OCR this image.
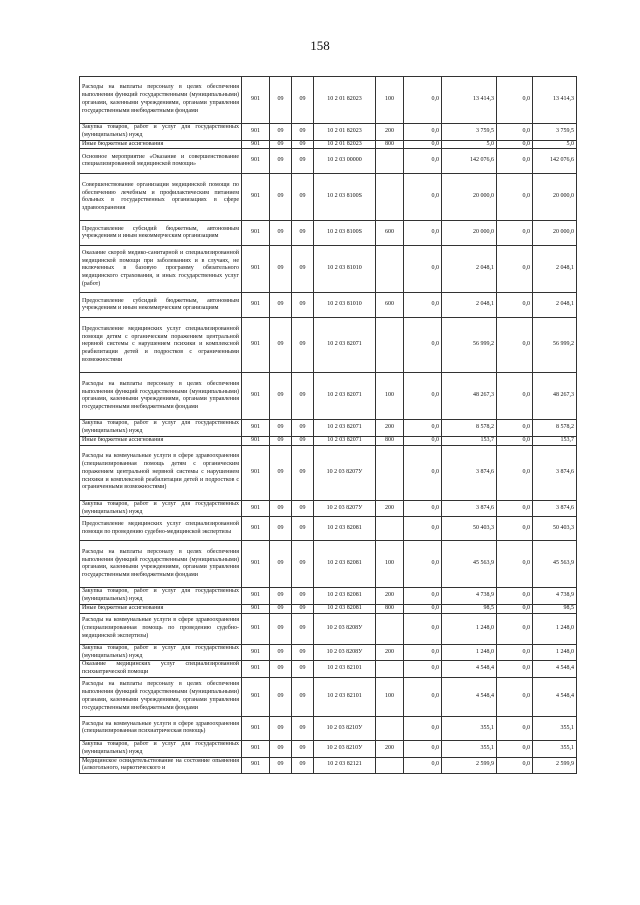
158
Расходы на выплаты персоналу в целях обеспечения выполнения функций государственными (муниципальными) органами, казенными учреждениями, органами управления государственными внебюджетными фондами	901	09	09	10 2 01 82023	100	0,0	13 414,3	0,0	13 414,3
Закупка товаров, работ и услуг для государственных (муниципальных) нужд	901	09	09	10 2 01 82023	200	0,0	3 759,5	0,0	3 759,5
Иные бюджетные ассигнования	901	09	09	10 2 01 82023	800	0,0	5,0	0,0	5,0
Основное мероприятие «Оказание и совершенствование специализированной медицинской помощи»	901	09	09	10 2 03 00000		0,0	142 076,6	0,0	142 076,6
Совершенствование организации медицинской помощи по обеспечению лечебным и профилактическим питанием больных в государственных организациях в сфере здравоохранения	901	09	09	10 2 03 8100S		0,0	20 000,0	0,0	20 000,0
Предоставление субсидий бюджетным, автономным учреждениям и иным некоммерческим организациям	901	09	09	10 2 03 8100S	600	0,0	20 000,0	0,0	20 000,0
Оказание скорой медико-санитарной и специализированной медицинской помощи при заболеваниях и в случаях, не включенных в базовую программу обязательного медицинского страхования, и иных государственных услуг (работ)	901	09	09	10 2 03 81010		0,0	2 048,1	0,0	2 048,1
Предоставление субсидий бюджетным, автономным учреждениям и иным некоммерческим организациям	901	09	09	10 2 03 81010	600	0,0	2 048,1	0,0	2 048,1
Предоставление медицинских услуг специализированной помощи детям с органическим поражением центральной нервной системы с нарушением психики и комплексной реабилитации детей и подростков с ограниченными возможностями	901	09	09	10 2 03 82071		0,0	56 999,2	0,0	56 999,2
Расходы на выплаты персоналу в целях обеспечения выполнения функций государственными (муниципальными) органами, казенными учреждениями, органами управления государственными внебюджетными фондами	901	09	09	10 2 03 82071	100	0,0	48 267,3	0,0	48 267,3
Закупка товаров, работ и услуг для государственных (муниципальных) нужд	901	09	09	10 2 03 82071	200	0,0	8 578,2	0,0	8 578,2
Иные бюджетные ассигнования	901	09	09	10 2 03 82071	800	0,0	153,7	0,0	153,7
Расходы на коммунальные услуги в сфере здравоохранения (специализированная помощь детям с органическим поражением центральной нервной системы с нарушением психики и комплексной реабилитации детей и подростков с ограниченными возможностями)	901	09	09	10 2 03 8207У		0,0	3 874,6	0,0	3 874,6
Закупка товаров, работ и услуг для государственных (муниципальных) нужд	901	09	09	10 2 03 8207У	200	0,0	3 874,6	0,0	3 874,6
Предоставление медицинских услуг специализированной помощи по проведению судебно-медицинской экспертизы	901	09	09	10 2 03 82081		0,0	50 403,3	0,0	50 403,3
Расходы на выплаты персоналу в целях обеспечения выполнения функций государственными (муниципальными) органами, казенными учреждениями, органами управления государственными внебюджетными фондами	901	09	09	10 2 03 82081	100	0,0	45 563,9	0,0	45 563,9
Закупка товаров, работ и услуг для государственных (муниципальных) нужд	901	09	09	10 2 03 82081	200	0,0	4 738,9	0,0	4 738,9
Иные бюджетные ассигнования	901	09	09	10 2 03 82081	800	0,0	98,5	0,0	98,5
Расходы на коммунальные услуги в сфере здравоохранения (специализированная помощь по проведению судебно-медицинской экспертизы)	901	09	09	10 2 03 8208У		0,0	1 248,0	0,0	1 248,0
Закупка товаров, работ и услуг для государственных (муниципальных) нужд	901	09	09	10 2 03 8208У	200	0,0	1 248,0	0,0	1 248,0
Оказание медицинских услуг специализированной психиатрической помощи	901	09	09	10 2 03 82101		0,0	4 548,4	0,0	4 548,4
Расходы на выплаты персоналу в целях обеспечения выполнения функций государственными (муниципальными) органами, казенными учреждениями, органами управления государственными внебюджетными фондами	901	09	09	10 2 03 82101	100	0,0	4 548,4	0,0	4 548,4
Расходы на коммунальные услуги в сфере здравоохранения (специализированная психиатрическая помощь)	901	09	09	10 2 03 8210У		0,0	355,1	0,0	355,1
Закупка товаров, работ и услуг для государственных (муниципальных) нужд	901	09	09	10 2 03 8210У	200	0,0	355,1	0,0	355,1
Медицинское освидетельствование на состояние опьянения (алкогольного, наркотического и	901	09	09	10 2 03 82121		0,0	2 599,9	0,0	2 599,9
